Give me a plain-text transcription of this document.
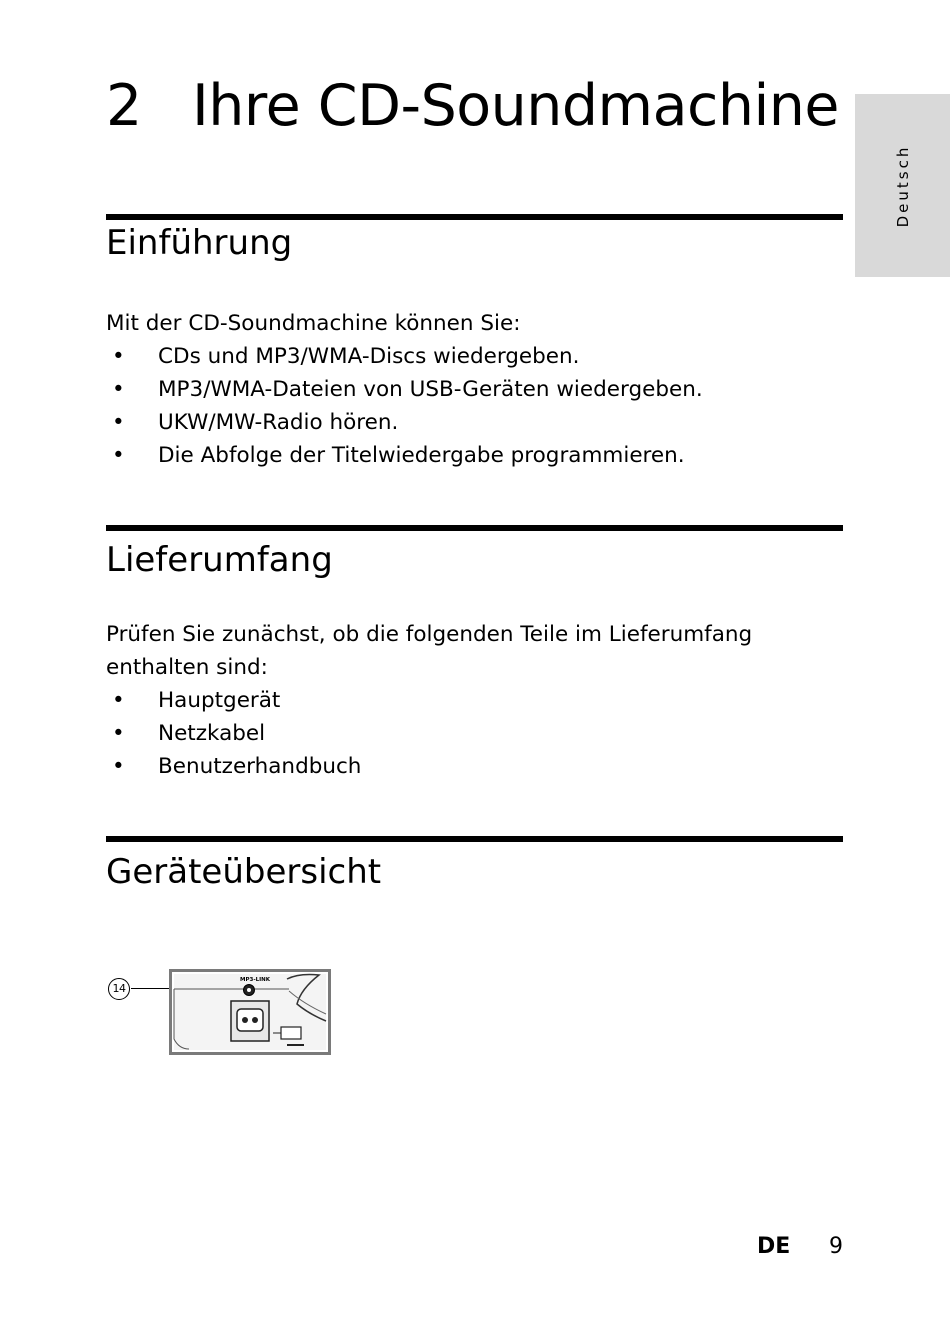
2 Ihre CD-Soundmachine
Deutsch
Einführung

Mit der CD-Soundmachine können Sie:

• CDs und MP3/WMA-Discs wiedergeben.
• MP3/WMA-Dateien von USB-Geräten wiedergeben.
• UKW/MW-Radio hören.
• Die Abfolge der Titelwiedergabe programmieren.
Lieferumfang

Prüfen Sie zunächst, ob die folgenden Teile im Lieferumfang enthalten sind:

• Hauptgerät
• Netzkabel
• Benutzerhandbuch
Geräteübersicht
14
MP3-LINK
DE 9
